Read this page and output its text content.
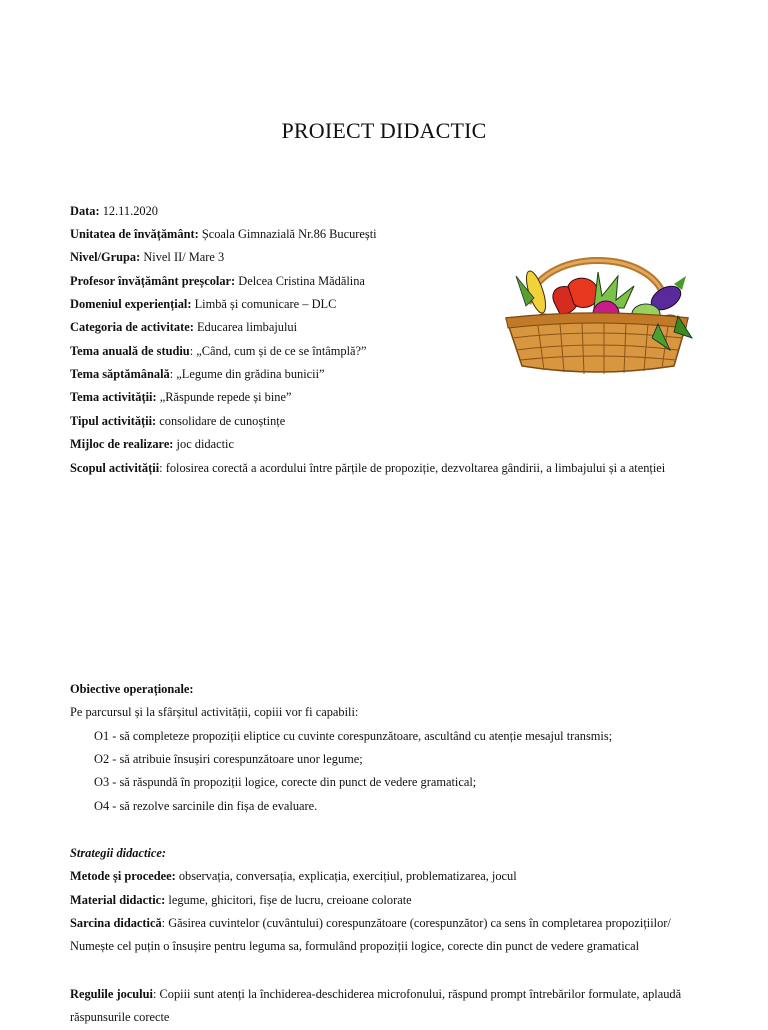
PROIECT DIDACTIC
Data: 12.11.2020
Unitatea de învățământ: Școala Gimnazială Nr.86 București
Nivel/Grupa: Nivel II/ Mare 3
Profesor învățământ preșcolar: Delcea Cristina Mădălina
Domeniul experiențial: Limbă și comunicare – DLC
Categoria de activitate: Educarea limbajului
Tema anuală de studiu: „Când, cum și de ce se întâmplă?”
Tema săptămânală: „Legume din grădina bunicii”
Tema activității: „Răspunde repede și bine”
Tipul activității: consolidare de cunoștințe
Mijloc de realizare: joc didactic
Scopul activității: folosirea corectă a acordului între părțile de propoziție, dezvoltarea gândirii, a limbajului și a atenției
Obiective operaționale:
Pe parcursul și la sfârșitul activității, copiii vor fi capabili:
O1 - să completeze propoziții eliptice cu cuvinte corespunzătoare, ascultând cu atenție mesajul transmis;
O2 - să atribuie însușiri corespunzătoare unor legume;
O3 - să răspundă în propoziții logice, corecte din punct de vedere gramatical;
O4 - să rezolve sarcinile din fișa de evaluare.
Strategii didactice:
Metode și procedee: observația, conversația, explicația, exercițiul, problematizarea, jocul
Material didactic: legume, ghicitori, fișe de lucru, creioane colorate
Sarcina didactică: Găsirea cuvintelor (cuvântului) corespunzătoare (corespunzător) ca sens în completarea propozițiilor/ Numește cel puțin o însușire pentru leguma sa, formulând propoziții logice, corecte din punct de vedere gramatical
Regulile jocului: Copiii sunt atenți la închiderea-deschiderea microfonului, răspund prompt întrebărilor formulate, aplaudă răspunsurile corecte
